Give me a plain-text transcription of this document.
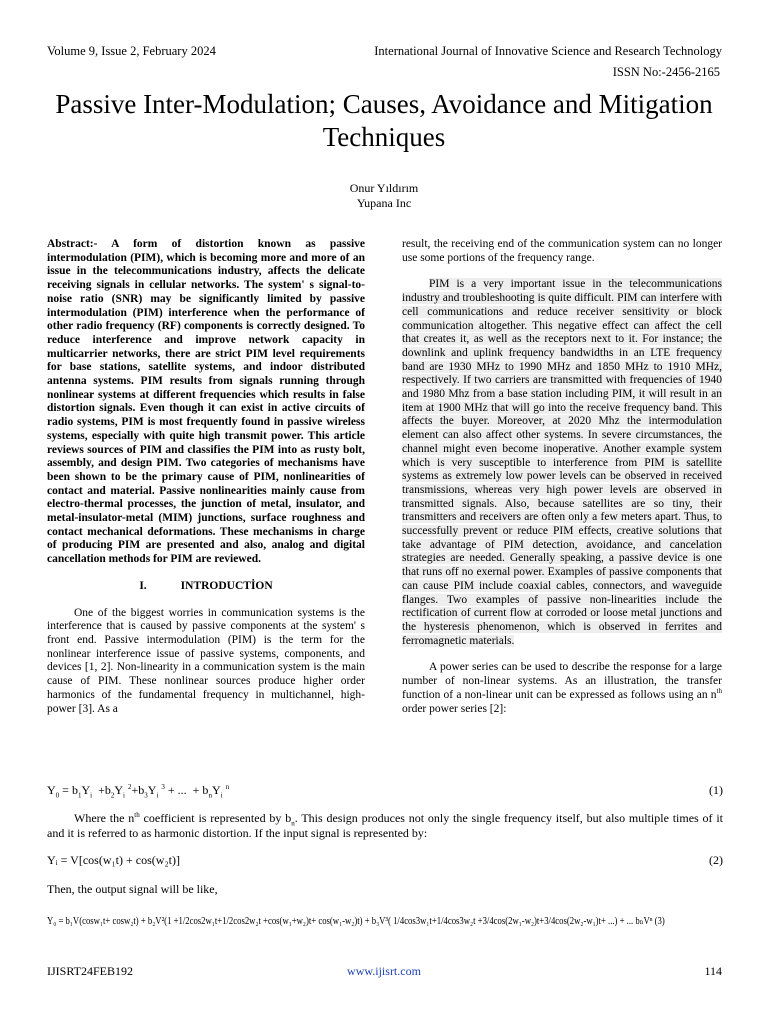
Volume 9, Issue 2, February 2024	International Journal of Innovative Science and Research Technology
ISSN No:-2456-2165
Passive Inter-Modulation; Causes, Avoidance and Mitigation Techniques
Onur Yıldırım
Yupana Inc

Abstract:- A form of distortion known as passive intermodulation (PIM), which is becoming more and more of an issue in the telecommunications industry, affects the delicate receiving signals in cellular networks. The system' s signal-to-noise ratio (SNR) may be significantly limited by passive intermodulation (PIM) interference when the performance of other radio frequency (RF) components is correctly designed. To reduce interference and improve network capacity in multicarrier networks, there are strict PIM level requirements for base stations, satellite systems, and indoor distributed antenna systems. PIM results from signals running through nonlinear systems at different frequencies which results in false distortion signals. Even though it can exist in active circuits of radio systems, PIM is most frequently found in passive wireless systems, especially with quite high transmit power. This article reviews sources of PIM and classifies the PIM into as rusty bolt, assembly, and design PIM. Two categories of mechanisms have been shown to be the primary cause of PIM, nonlinearities of contact and material. Passive nonlinearities mainly cause from electro-thermal processes, the junction of metal, insulator, and metal-insulator-metal (MIM) junctions, surface roughness and contact mechanical deformations. These mechanisms in charge of producing PIM are presented and also, analog and digital cancellation methods for PIM are reviewed.

I.	INTRODUCTİON

One of the biggest worries in communication systems is the interference that is caused by passive components at the system' s front end. Passive intermodulation (PIM) is the term for the nonlinear interference issue of passive systems, components, and devices [1, 2]. Non-linearity in a communication system is the main cause of PIM. These nonlinear sources produce higher order harmonics of the fundamental frequency in multichannel, high-power [3]. As a

result, the receiving end of the communication system can no longer use some portions of the frequency range.

PIM is a very important issue in the telecommunications industry and troubleshooting is quite difficult. PIM can interfere with cell communications and reduce receiver sensitivity or block communication altogether. This negative effect can affect the cell that creates it, as well as the receptors next to it. For instance; the downlink and uplink frequency bandwidths in an LTE frequency band are 1930 MHz to 1990 MHz and 1850 MHz to 1910 MHz, respectively. If two carriers are transmitted with frequencies of 1940 and 1980 Mhz from a base station including PIM, it will result in an item at 1900 MHz that will go into the receive frequency band. This affects the buyer. Moreover, at 2020 Mhz the intermodulation element can also affect other systems. In severe circumstances, the channel might even become inoperative. Another example system which is very susceptible to interference from PIM is satellite systems as extremely low power levels can be observed in received transmissions, whereas very high power levels are observed in transmitted signals. Also, because satellites are so tiny, their transmitters and receivers are often only a few meters apart. Thus, to successfully prevent or reduce PIM effects, creative solutions that take advantage of PIM detection, avoidance, and cancelation strategies are needed. Generally speaking, a passive device is one that runs off no exernal power. Examples of passive components that can cause PIM include coaxial cables, connectors, and waveguide flanges. Two examples of passive non-linearities include the rectification of current flow at corroded or loose metal junctions and the hysteresis phenomenon, which is observed in ferrites and ferromagnetic materials.

A power series can be used to describe the response for a large number of non-linear systems. As an illustration, the transfer function of a non-linear unit can be expressed as follows using an $n^{th}$ order power series [2]:

$Y_0 = b_1Y_i +b_2Y_i$ $^2+b_3Y_i$ $^3$ + ...  + $b_nY_i$ $^n$	(1)
Where the $n^{th}$ coefficient is represented by $b_n$. This design produces not only the single frequency itself, but also multiple times of it and it is referred to as harmonic distortion. If the input signal is represented by:
Yᵢ = V[cos(w₁t) + cos(w₂t)]	(2)
Then, the output signal will be like,
Y₀ = b₁V(cosw₁t+ cosw₂t) + b₂V²(1 +1/2cos2w₁t+1/2cos2w₂t +cos(w₁+w₂)t+ cos(w₁-w₂)t) + b₃V³( 1/4cos3w₁t+1/4cos3w₂t +3/4cos(2w₁-w₂)t+3/4cos(2w₂-w₁)t+ ...) + ... bₙVⁿ (3)
IJISRT24FEB192	www.ijisrt.com	114
